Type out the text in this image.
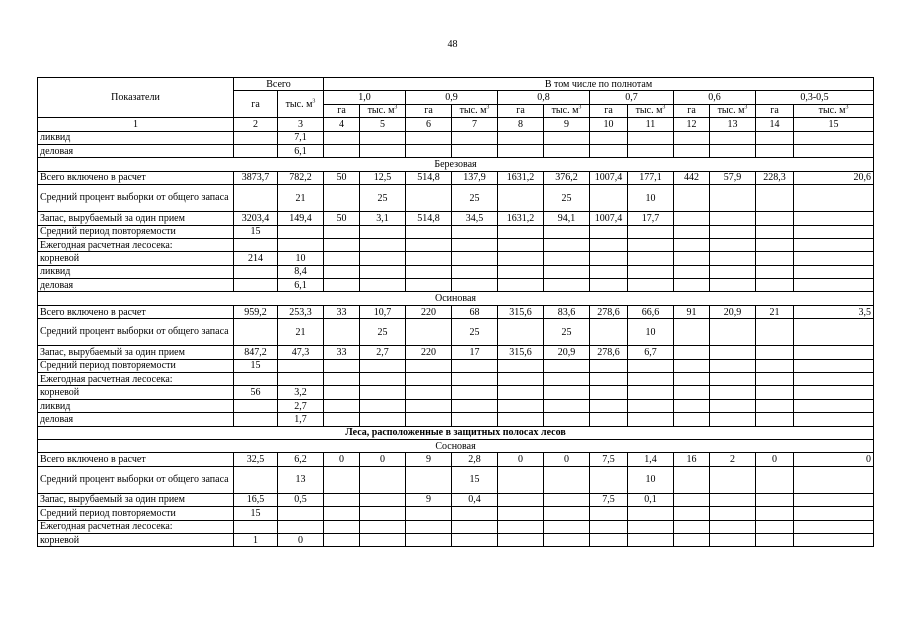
48
Показатели	Всего		В том числе по полнотам											
	га	тыс. $м^3$	1,0		0,9		0,8		0,7		0,6		0,3-0,5	
			га	тыс. $м^3$	га	тыс. $м^3$	га	тыс. $м^3$	га	тыс. $м^3$	га	тыс. $м^3$	га	тыс. $м^3$
1	2	3	4	5	6	7	8	9	10	11	12	13	14	15
ликвид		7,1												
деловая		6,1												
Березовая														
Всего включено в расчет	3873,7	782,2	50	12,5	514,8	137,9	1631,2	376,2	1007,4	177,1	442	57,9	228,3	20,6
Средний процент выборки от общего запаса		21		25		25		25		10				
Запас, вырубаемый за один прием	3203,4	149,4	50	3,1	514,8	34,5	1631,2	94,1	1007,4	17,7				
Средний период повторяемости	15													
Ежегодная расчетная лесосека:														
корневой	214	10												
ликвид		8,4												
деловая		6,1												
Осиновая														
Всего включено в расчет	959,2	253,3	33	10,7	220	68	315,6	83,6	278,6	66,6	91	20,9	21	3,5
Средний процент выборки от общего запаса		21		25		25		25		10				
Запас, вырубаемый за один прием	847,2	47,3	33	2,7	220	17	315,6	20,9	278,6	6,7				
Средний период повторяемости	15													
Ежегодная расчетная лесосека:														
корневой	56	3,2												
ликвид		2,7												
деловая		1,7												
Леса, расположенные в защитных полосах лесов														
Сосновая														
Всего включено в расчет	32,5	6,2	0	0	9	2,8	0	0	7,5	1,4	16	2	0	0
Средний процент выборки от общего запаса		13				15				10				
Запас, вырубаемый за один прием	16,5	0,5			9	0,4			7,5	0,1				
Средний период повторяемости	15													
Ежегодная расчетная лесосека:														
корневой	1	0												
